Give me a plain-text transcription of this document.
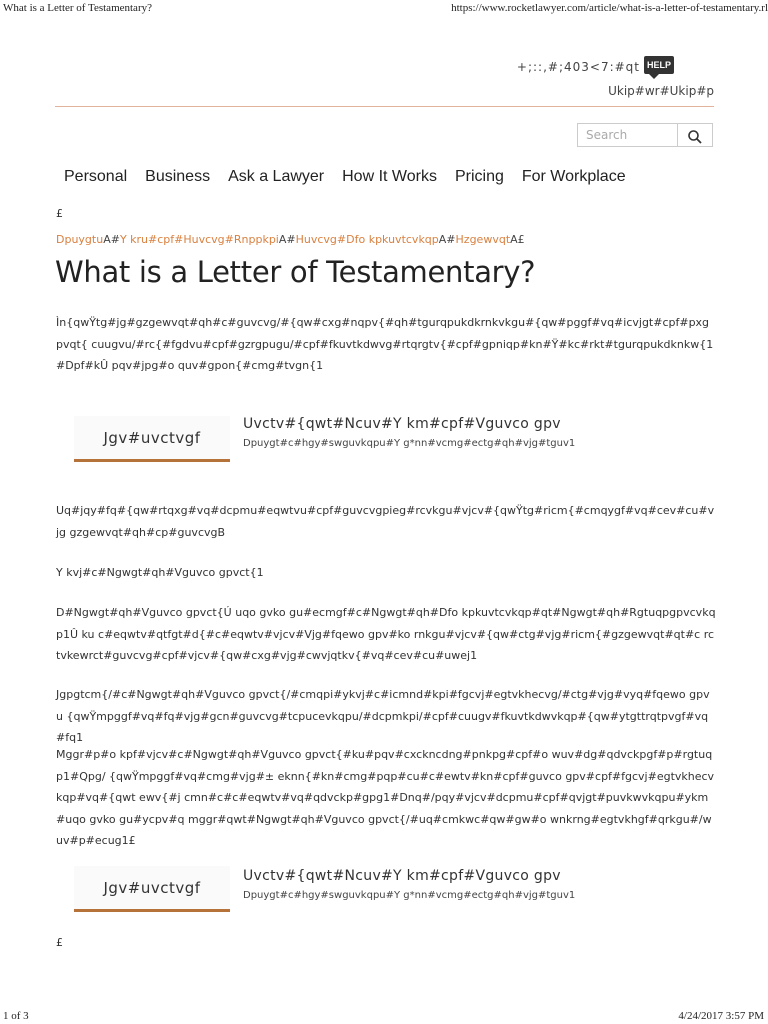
What is a Letter of Testamentary?	https://www.rocketlawyer.com/article/what-is-a-letter-of-testamentary.rl
+;::,#;403<7:#qt HELP
Ukip#wr#Ukip#p
Search
Personal Business Ask a Lawyer How It Works Pricing For Workplace
£
DpuygtuA#Y kru#cpf#Huvcvg#RnppkpiA#Huvcvg#Dfo kpkuvtcvkqpA#HzgewvqtA£
What is a Letter of Testamentary?

Ìn{qwŸtg#jg#gzgewvqt#qh#c#guvcvg/#{qw#cxg#nqpv{#qh#tgurqpukdkrnkvkgu#{qw#pggf#vq#icvjgt#cpf#pxgpvqt{ cuugvu/#rc{#fgdvu#cpf#gzrgpugu/#cpf#fkuvtkdwvg#rtqrgtv{#cpf#gpniqp#kn#Ÿ#kc#rkt#tgurqpukdknkw{1#Dpf#kÛ pqv#jpg#o quv#gpon{#cmg#tvgn{1

Jgv#uvctvgf
Uvctv#{qwt#Ncuv#Y km#cpf#Vguvco gpv
Dpuygt#c#hgy#swguvkqpu#Y g*nn#vcmg#ectg#qh#vjg#tguv1

Uq#jqy#fq#{qw#rtqxg#vq#dcpmu#eqwtvu#cpf#guvcvgpieg#rcvkgu#vjcv#{qwŸtg#ricm{#cmqygf#vq#cev#cu#vjg gzgewvqt#qh#cp#guvcvgB

Y kvj#c#Ngwgt#qh#Vguvco gpvct{1

D#Ngwgt#qh#Vguvco gpvct{Ú uqo gvko gu#ecmgf#c#Ngwgt#qh#Dfo kpkuvtcvkqp#qt#Ngwgt#qh#Rgtuqpgpvcvkqp1Û ku c#eqwtv#qtfgt#d{#c#eqwtv#vjcv#Vjg#fqewo gpv#ko rnkgu#vjcv#{qw#ctg#vjg#ricm{#gzgewvqt#qt#c rctvkewrct#guvcvg#cpf#vjcv#{qw#cxg#vjg#cwvjqtkv{#vq#cev#cu#uwej1

Jgpgtcm{/#c#Ngwgt#qh#Vguvco gpvct{/#cmqpi#ykvj#c#icmnd#kpi#fgcvj#egtvkhecvg/#ctg#vjg#vyq#fqewo gpvu {qwŸmpggf#vq#fq#vjg#gcn#guvcvg#tcpucevkqpu/#dcpmkpi/#cpf#cuugv#fkuvtkdwvkqp#{qw#ytgttrqtpvgf#vq#fq1

Mggr#p#o kpf#vjcv#c#Ngwgt#qh#Vguvco gpvct{#ku#pqv#cxckncdng#pnkpg#cpf#o wuv#dg#qdvckpgf#p#rgtuqp1#Qpg/ {qwŸmpggf#vq#cmg#vjg#± eknn{#kn#cmg#pqp#cu#c#ewtv#kn#cpf#guvco gpv#cpf#fgcvj#egtvkhecvkqp#vq#{qwt ewv{#j cmn#c#c#eqwtv#vq#qdvckp#gpg1#Dnq#/pqy#vjcv#dcpmu#cpf#qvjgt#puvkwvkqpu#ykm#uqo gvko gu#ycpv#q mggr#qwt#Ngwgt#qh#Vguvco gpvct{/#uq#cmkwc#qw#gw#o wnkrng#egtvkhgf#qrkgu#/wuv#p#ecug1£

Jgv#uvctvgf
Uvctv#{qwt#Ncuv#Y km#cpf#Vguvco gpv
Dpuygt#c#hgy#swguvkqpu#Y g*nn#vcmg#ectg#qh#vjg#tguv1
£
1 of 3	4/24/2017 3:57 PM
